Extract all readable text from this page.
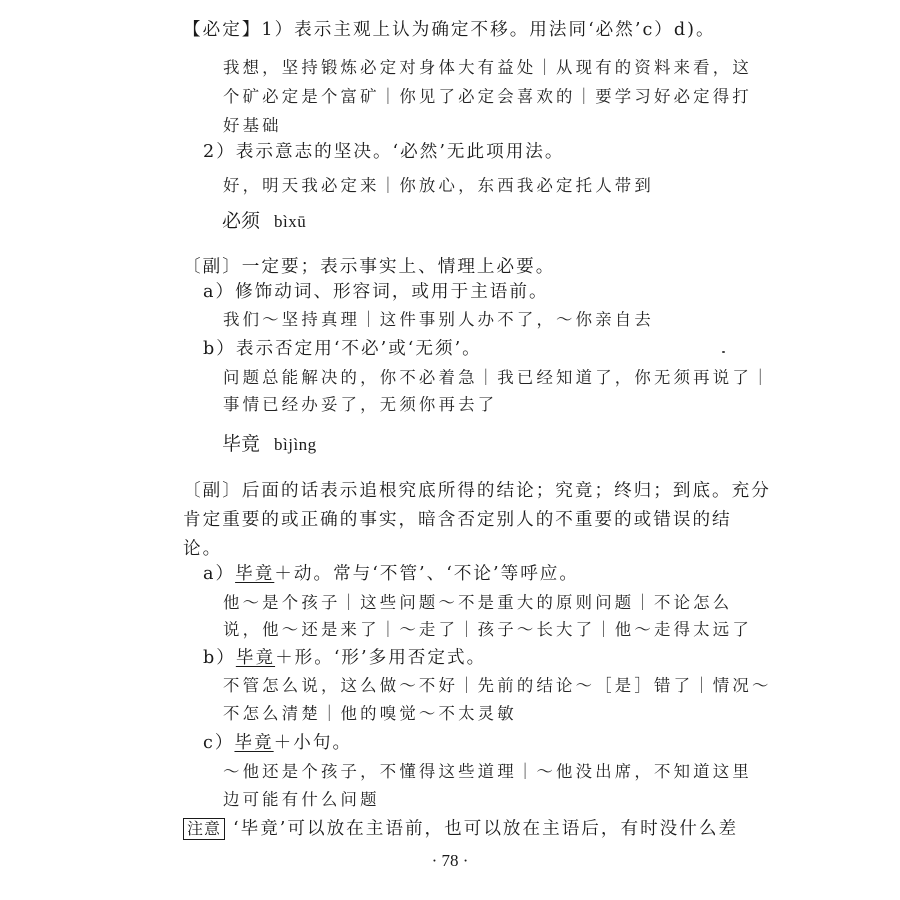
【必定】1）表示主观上认为确定不移。用法同‘必然’c）d)。
我想，坚持锻炼必定对身体大有益处｜从现有的资料来看，这
个矿必定是个富矿｜你见了必定会喜欢的｜要学习好必定得打
好基础
2）表示意志的坚决。‘必然’无此项用法。
好，明天我必定来｜你放心，东西我必定托人带到
必须 bìxū
〔副〕一定要；表示事实上、情理上必要。
a）修饰动词、形容词，或用于主语前。
我们～坚持真理｜这件事别人办不了，～你亲自去
b）表示否定用‘不必’或‘无须’。
问题总能解决的，你不必着急｜我已经知道了，你无须再说了｜
事情已经办妥了，无须你再去了
毕竟 bìjìng
〔副〕后面的话表示追根究底所得的结论；究竟；终归；到底。充分
肯定重要的或正确的事实，暗含否定别人的不重要的或错误的结
论。
a）毕竟＋动。常与‘不管’、‘不论’等呼应。
他～是个孩子｜这些问题～不是重大的原则问题｜不论怎么
说，他～还是来了｜～走了｜孩子～长大了｜他～走得太远了
b）毕竟＋形。‘形’多用否定式。
不管怎么说，这么做～不好｜先前的结论～［是］错了｜情况～
不怎么清楚｜他的嗅觉～不太灵敏
c）毕竟＋小句。
～他还是个孩子，不懂得这些道理｜～他没出席，不知道这里
边可能有什么问题
注意 ‘毕竟’可以放在主语前，也可以放在主语后，有时没什么差
· 78 ·
